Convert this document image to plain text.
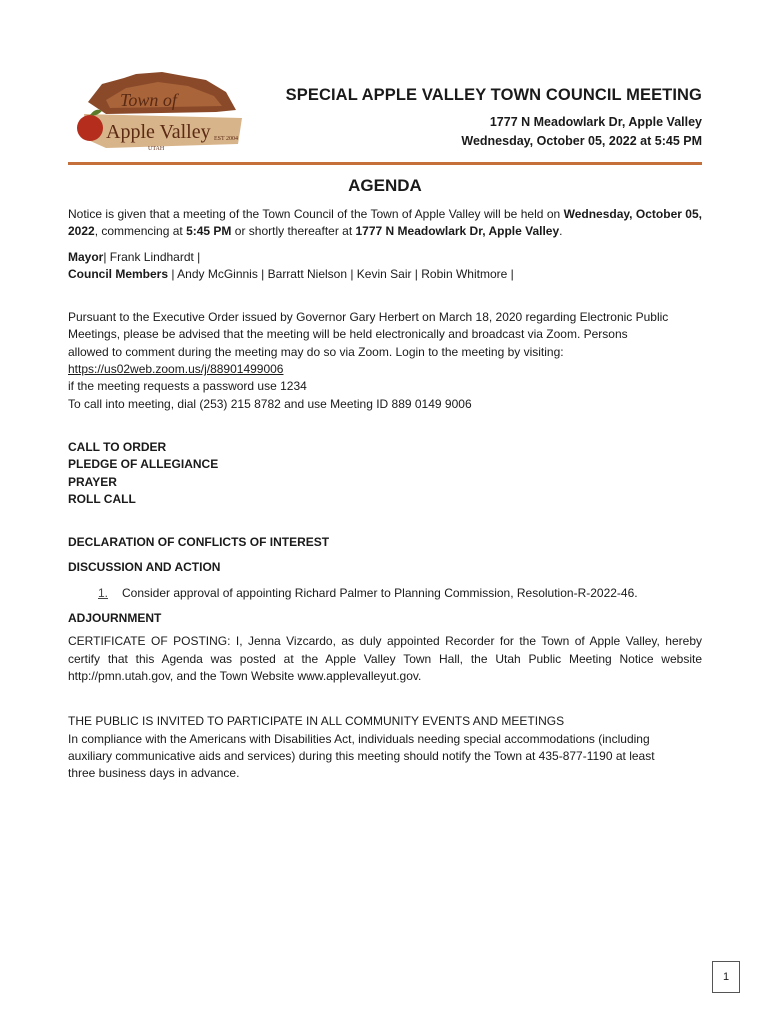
Town of
Apple Valley EST 2004
UTAH
SPECIAL APPLE VALLEY TOWN COUNCIL MEETING
1777 N Meadowlark Dr, Apple Valley
Wednesday, October 05, 2022 at 5:45 PM
AGENDA

Notice is given that a meeting of the Town Council of the Town of Apple Valley will be held on Wednesday, October 05, 2022, commencing at 5:45 PM or shortly thereafter at 1777 N Meadowlark Dr, Apple Valley.

Mayor| Frank Lindhardt |

Council Members | Andy McGinnis | Barratt Nielson | Kevin Sair | Robin Whitmore |

Pursuant to the Executive Order issued by Governor Gary Herbert on March 18, 2020 regarding Electronic Public

Meetings, please be advised that the meeting will be held electronically and broadcast via Zoom. Persons

allowed to comment during the meeting may do so via Zoom. Login to the meeting by visiting:

https://us02web.zoom.us/j/88901499006

if the meeting requests a password use 1234

To call into meeting, dial (253) 215 8782 and use Meeting ID 889 0149 9006

CALL TO ORDER

PLEDGE OF ALLEGIANCE

PRAYER

ROLL CALL

DECLARATION OF CONFLICTS OF INTEREST

DISCUSSION AND ACTION

1.	Consider approval of appointing Richard Palmer to Planning Commission, Resolution-R-2022-46.

ADJOURNMENT

CERTIFICATE OF POSTING: I, Jenna Vizcardo, as duly appointed Recorder for the Town of Apple Valley, hereby certify that this Agenda was posted at the Apple Valley Town Hall, the Utah Public Meeting Notice website http://pmn.utah.gov, and the Town Website www.applevalleyut.gov.

THE PUBLIC IS INVITED TO PARTICIPATE IN ALL COMMUNITY EVENTS AND MEETINGS

In compliance with the Americans with Disabilities Act, individuals needing special accommodations (including

auxiliary communicative aids and services) during this meeting should notify the Town at 435-877-1190 at least

three business days in advance.

1
